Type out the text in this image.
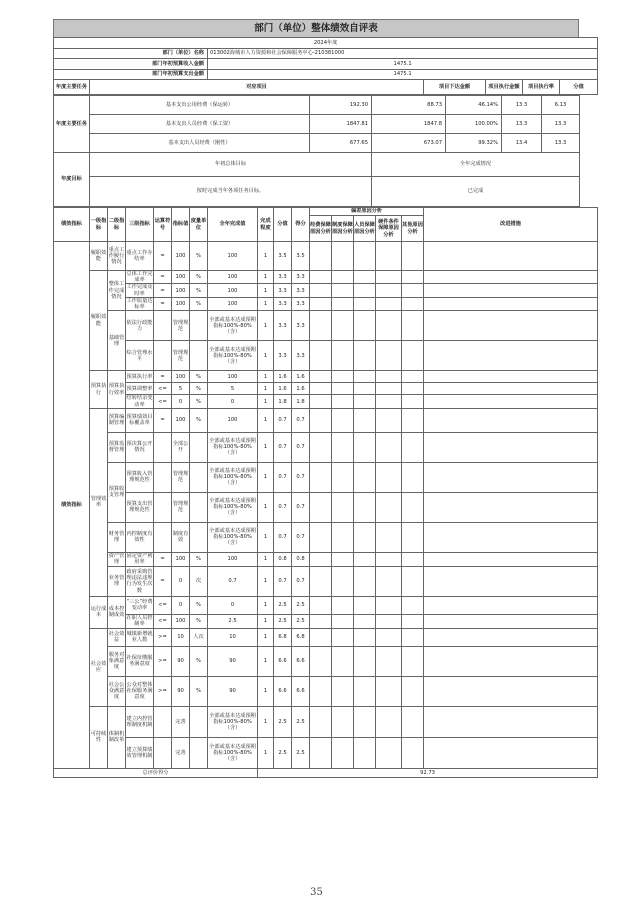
部门（单位）整体绩效自评表
2024年度						
部门（单位）名称		013002海城市人力资源和社会保障服务中心-210381000				
部门年初预算收入金额		1475.1				
部门年初预算支出金额		1475.1				
年度主要任务	对应项目		项目下达金额	项目执行金额	项目执行率	分值
年度主要任务	基本支出公用经费（保运转）	192.30	88.73	46.14%	13.3	6.13
	基本支出人员经费（保工资）	1847.81	1847.8	100.00%	13.3	13.3
	基本支出人员经费（刚性）	677.65	673.07	99.32%	13.4	13.3
年度目标	年初总体目标		全年完成情况			
	按时完成当年各项任务目标。		已完成			
绩效指标	一级指标	二级指标	三级指标	运算符号	指标值	度量单位	全年完成值	完成程度	分值	得分	偏差原因分析					改进措施
											经费保障原因分析	制度保障原因分析	人员保障原因分析	硬件条件保障原因分析	其他原因分析	
绩效指标	履职效能	重点工作履行情况	重点工作办结率	=	100	%	100	1	3.5	3.5						
	履职效能	整体工作完成情况	总体工作完成率	=	100	%	100	1	3.3	3.3						
			工作完成及时率	=	100	%	100	1	3.3	3.3						
			工作质量达标率	=	100	%	100	1	3.3	3.3						
		基础管理	依法行政能力		管理规范		全部或基本达成预期指标100%-80%（含）	1	3.3	3.3						
			综合管理水平		管理规范		全部或基本达成预期指标100%-80%（含）	1	3.3	3.3						
	预算执行	预算执行效率	预算执行率	=	100	%	100	1	1.6	1.6						
			预算调整率	<=	5	%	5	1	1.6	1.6						
			结转结余变动率	<=	0	%	0	1	1.8	1.8						
	管理效率	预算编制管理	预算绩效目标覆盖率	=	100	%	100	1	0.7	0.7						
		预算监督管理	预决算公开情况		全部公开		全部或基本达成预期指标100%-80%（含）	1	0.7	0.7						
		预算收支管理	预算收入管理规范性		管理规范		全部或基本达成预期指标100%-80%（含）	1	0.7	0.7						
			预算支出管理规范性		管理规范		全部或基本达成预期指标100%-80%（含）	1	0.7	0.7						
		财务管理	内控制度有效性		制度有效		全部或基本达成预期指标100%-80%（含）	1	0.7	0.7						
		资产管理	固定资产利用率	=	100	%	100	1	0.8	0.8						
		业务管理	政府采购管理违法违规行为发生次数	=	0	次	0.7	1	0.7	0.7						
	运行成本	成本控制成效	“三公”经费变动率	<=	0	%	0	1	2.5	2.5						
			在职人员控制率	<=	100	%	2.5	1	2.5	2.5						
	社会效应	社会效益	城镇新增就业人数	>=	10	人次	10	1	6.8	6.8						
		服务对象满意度	社保征缴服务满意度	>=	90	%	90	1	6.6	6.6						
		社会公众满意度	公众对整体社保服务满意度	>=	90	%	90	1	6.6	6.6						
	可持续性	体制机制改革	建立内控管理制度机制		完善		全部或基本达成预期指标100%-80%（含）	1	2.5	2.5						
			建立预算绩效管理机制		完善		全部或基本达成预期指标100%-80%（含）	1	2.5	2.5						
总评价得分								92.73								
35
